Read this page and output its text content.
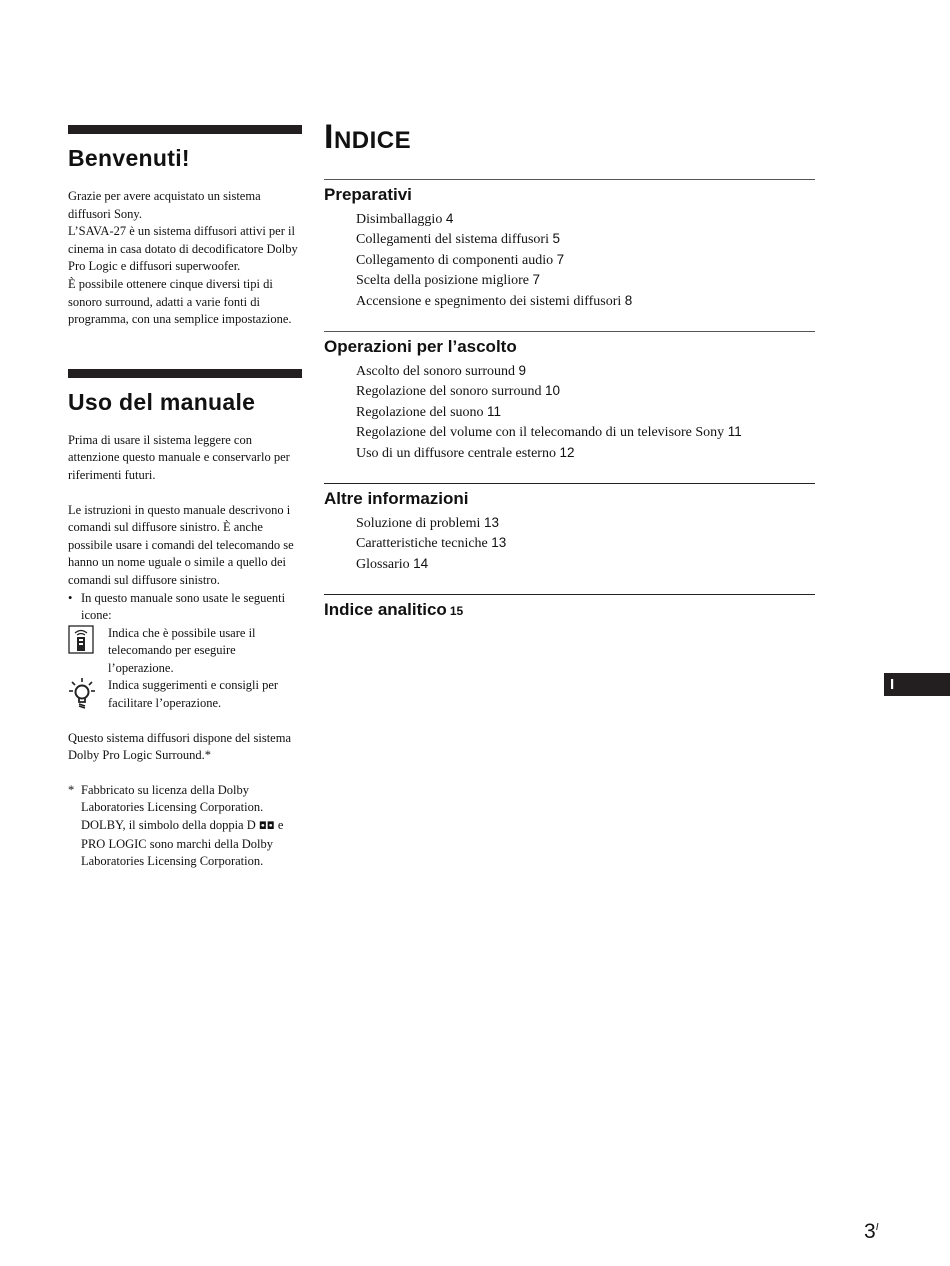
Benvenuti!

Grazie per avere acquistato un sistema diffusori Sony.

L’SAVA-27 è un sistema diffusori attivi per il cinema in casa dotato di decodificatore Dolby Pro Logic e diffusori superwoofer.

È possibile ottenere cinque diversi tipi di sonoro surround, adatti a varie fonti di programma, con una semplice impostazione.

Uso del manuale

Prima di usare il sistema leggere con attenzione questo manuale e conservarlo per riferimenti futuri.

Le istruzioni in questo manuale descrivono i comandi sul diffusore sinistro. È anche possibile usare i comandi del telecomando se hanno un nome uguale o simile a quello dei comandi sul diffusore sinistro.

• In questo manuale sono usate le seguenti icone:
Indica che è possibile usare il telecomando per eseguire l’operazione.
Indica suggerimenti e consigli per facilitare l’operazione.

Questo sistema diffusori dispone del sistema Dolby Pro Logic Surround.*

* Fabbricato su licenza della Dolby Laboratories Licensing Corporation. DOLBY, il simbolo della doppia D ◘◘ e PRO LOGIC sono marchi della Dolby Laboratories Licensing Corporation.
INDICE
Preparativi
Disimballaggio 4
Collegamenti del sistema diffusori 5
Collegamento di componenti audio 7
Scelta della posizione migliore 7
Accensione e spegnimento dei sistemi diffusori 8
Operazioni per l’ascolto
Ascolto del sonoro surround 9
Regolazione del sonoro surround 10
Regolazione del suono 11
Regolazione del volume con il telecomando di un televisore Sony 11
Uso di un diffusore centrale esterno 12
Altre informazioni
Soluzione di problemi 13
Caratteristiche tecniche 13
Glossario 14
Indice analitico 15
I
$3^I$
